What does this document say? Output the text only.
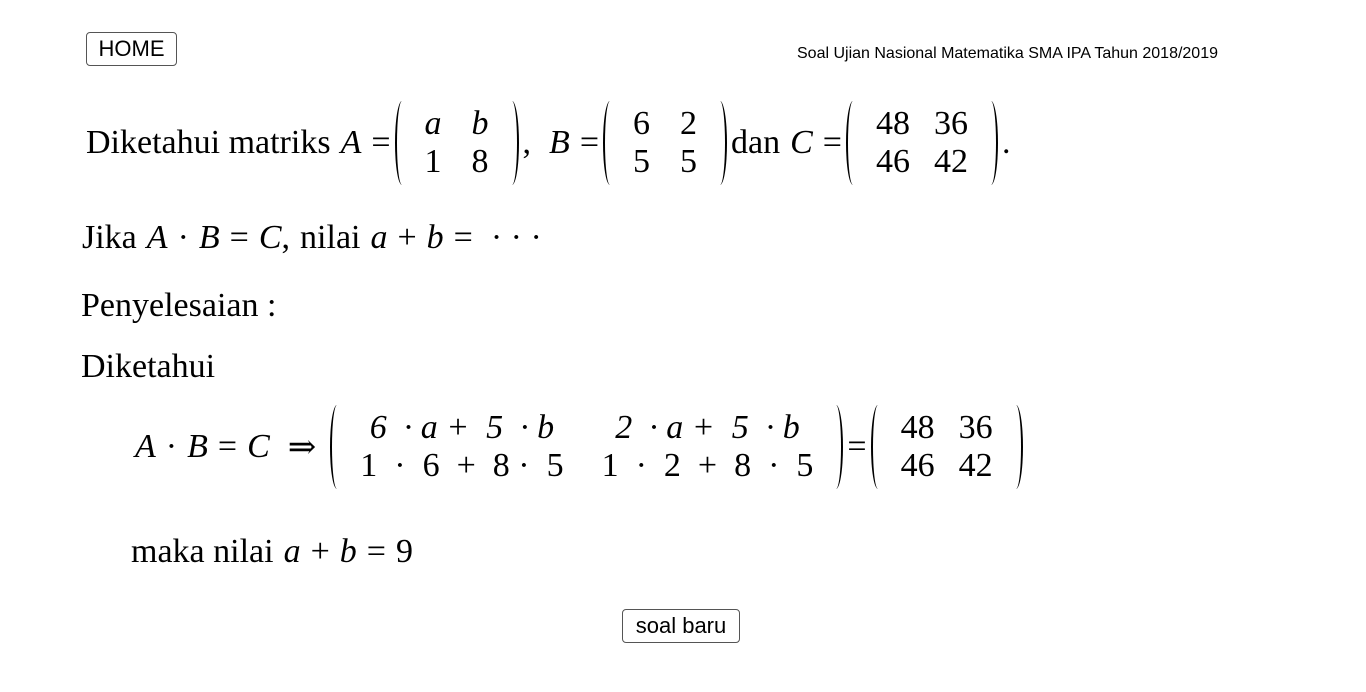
HOME	Soal Ujian Nasional Matematika SMA IPA Tahun 2018/2019
Diketahui matriks A =
a b
1 8
, B =
6 2
5 5
dan C =
48 36
46 42
.
Jika A · B = C , nilai a + b = · · ·
Penyelesaian :
Diketahui
A · B = C ⇒
6  · a +  5  · b	2  · a +  5  · b
1  ·  6  +  8 ·  5 1  ·  2  +  8  ·  5
=
48 36
46 42
maka nilai a + b = 9
soal baru
